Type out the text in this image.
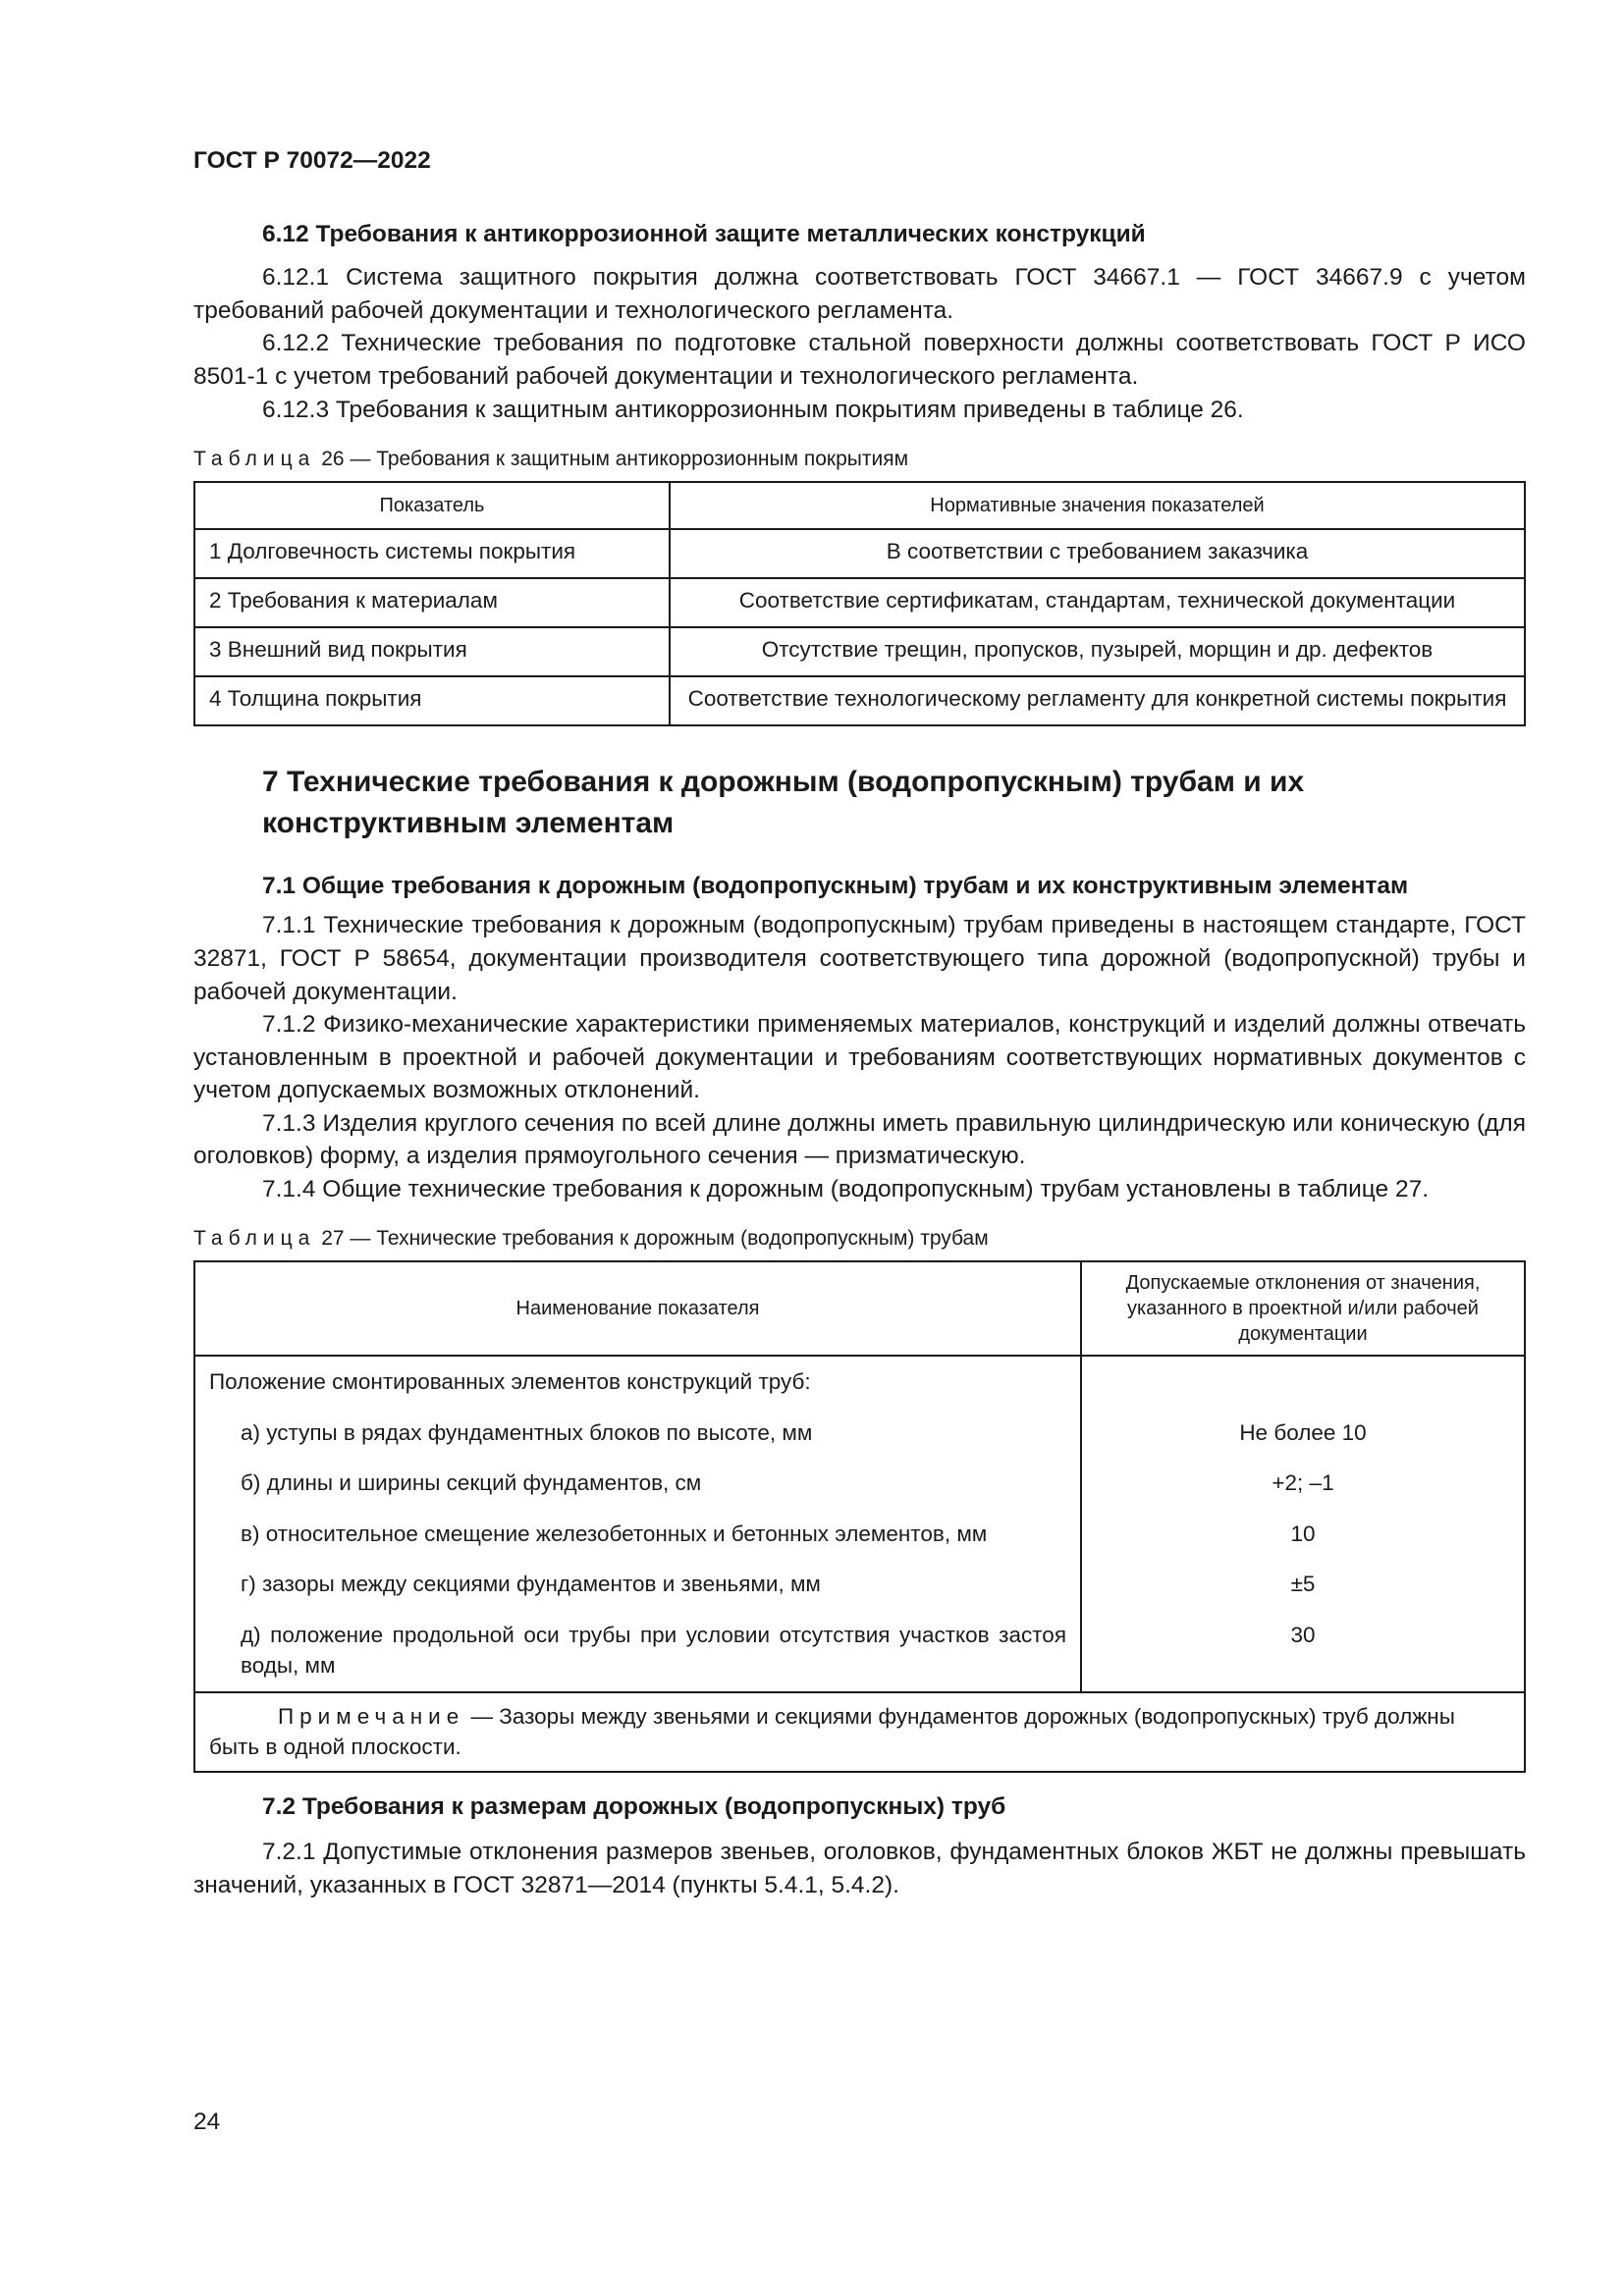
ГОСТ Р 70072—2022
6.12 Требования к антикоррозионной защите металлических конструкций

6.12.1 Система защитного покрытия должна соответствовать ГОСТ 34667.1 — ГОСТ 34667.9 с учетом требований рабочей документации и технологического регламента.

6.12.2 Технические требования по подготовке стальной поверхности должны соответствовать ГОСТ Р ИСО 8501-1 с учетом требований рабочей документации и технологического регламента.

6.12.3 Требования к защитным антикоррозионным покрытиям приведены в таблице 26.

Таблица 26 — Требования к защитным антикоррозионным покрытиям
Показатель	Нормативные значения показателей
1 Долговечность системы покрытия	В соответствии с требованием заказчика
2 Требования к материалам	Соответствие сертификатам, стандартам, технической документации
3 Внешний вид покрытия	Отсутствие трещин, пропусков, пузырей, морщин и др. дефектов
4 Толщина покрытия	Соответствие технологическому регламенту для конкретной системы покрытия
7 Технические требования к дорожным (водопропускным) трубам и их конструктивным элементам
7.1 Общие требования к дорожным (водопропускным) трубам и их конструктивным элементам

7.1.1 Технические требования к дорожным (водопропускным) трубам приведены в настоящем стандарте, ГОСТ 32871, ГОСТ Р 58654, документации производителя соответствующего типа дорожной (водопропускной) трубы и рабочей документации.

7.1.2 Физико-механические характеристики применяемых материалов, конструкций и изделий должны отвечать установленным в проектной и рабочей документации и требованиям соответствующих нормативных документов с учетом допускаемых возможных отклонений.

7.1.3 Изделия круглого сечения по всей длине должны иметь правильную цилиндрическую или коническую (для оголовков) форму, а изделия прямоугольного сечения — призматическую.

7.1.4 Общие технические требования к дорожным (водопропускным) трубам установлены в таблице 27.

Таблица 27 — Технические требования к дорожным (водопропускным) трубам
Наименование показателя	Допускаемые отклонения от значения, указанного в проектной и/или рабочей документации
Положение смонтированных элементов конструкций труб:	
а) уступы в рядах фундаментных блоков по высоте, мм	Не более 10
б) длины и ширины секций фундаментов, см	+2; –1
в) относительное смещение железобетонных и бетонных элементов, мм	10
г) зазоры между секциями фундаментов и звеньями, мм	±5
д) положение продольной оси трубы при условии отсутствия участков застоя воды, мм	30
Примечание — Зазоры между звеньями и секциями фундаментов дорожных (водопропускных) труб должны быть в одной плоскости.	
7.2 Требования к размерам дорожных (водопропускных) труб

7.2.1 Допустимые отклонения размеров звеньев, оголовков, фундаментных блоков ЖБТ не должны превышать значений, указанных в ГОСТ 32871—2014 (пункты 5.4.1, 5.4.2).

24
